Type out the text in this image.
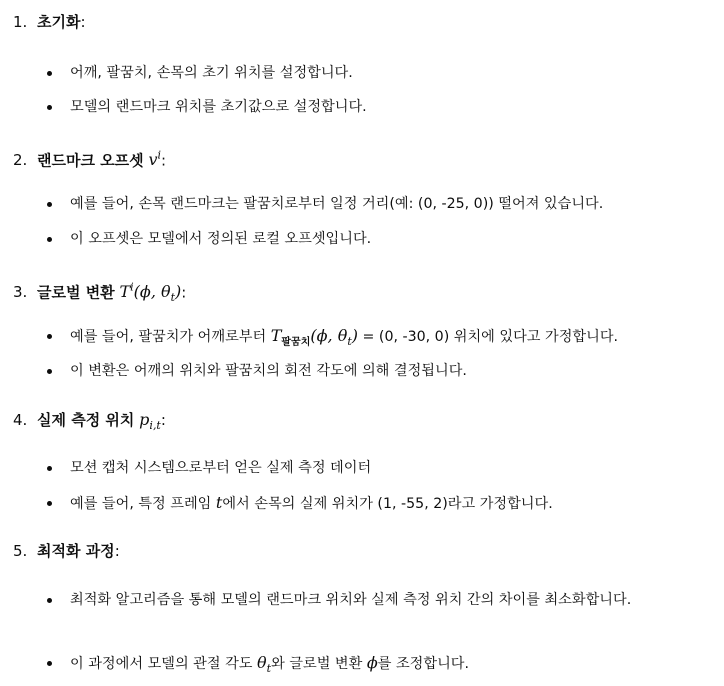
1. 초기화:
어깨, 팔꿈치, 손목의 초기 위치를 설정합니다.
모델의 랜드마크 위치를 초기값으로 설정합니다.
2. 랜드마크 오프셋 $v^i$:
예를 들어, 손목 랜드마크는 팔꿈치로부터 일정 거리(예: (0, -25, 0)) 떨어져 있습니다.
이 오프셋은 모델에서 정의된 로컬 오프셋입니다.
3. 글로벌 변환 $T^i(\phi$, $\theta_t$):
예를 들어, 팔꿈치가 어깨로부터 $T_{팔꿈치}(\phi$, $\theta_t) = (0$, -30, 0) 위치에 있다고 가정합니다.
이 변환은 어깨의 위치와 팔꿈치의 회전 각도에 의해 결정됩니다.
4. 실제 측정 위치 $p_{i,t}$:
모션 캡처 시스템으로부터 얻은 실제 측정 데이터
예를 들어, 특정 프레임 t에서 손목의 실제 위치가 (1, -55, 2)라고 가정합니다.
5. 최적화 과정:
최적화 알고리즘을 통해 모델의 랜드마크 위치와 실제 측정 위치 간의 차이를 최소화합니다.
이 과정에서 모델의 관절 각도 $\theta_t$와 글로벌 변환 ϕ를 조정합니다.
